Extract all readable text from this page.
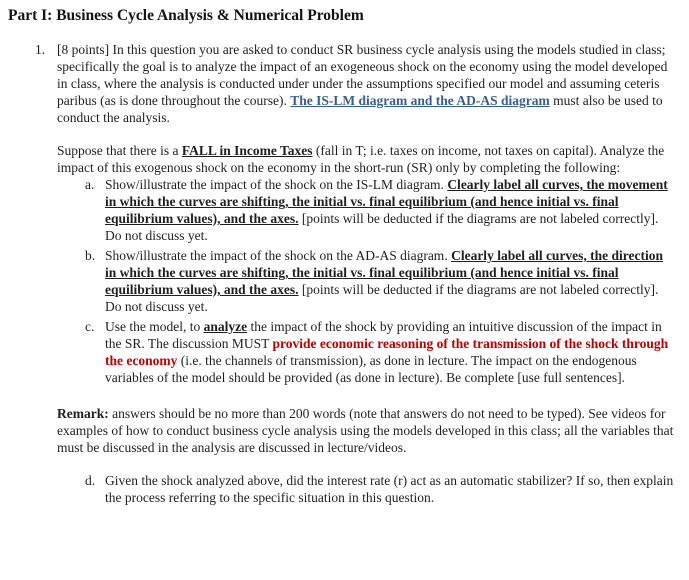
Part I: Business Cycle Analysis & Numerical Problem
1. [8 points] In this question you are asked to conduct SR business cycle analysis using the models studied in class; specifically the goal is to analyze the impact of an exogeneous shock on the economy using the model developed in class, where the analysis is conducted under under the assumptions specified our model and assuming ceteris paribus (as is done throughout the course). The IS-LM diagram and the AD-AS diagram must also be used to conduct the analysis.

Suppose that there is a FALL in Income Taxes (fall in T; i.e. taxes on income, not taxes on capital). Analyze the impact of this exogenous shock on the economy in the short-run (SR) only by completing the following:

a. Show/illustrate the impact of the shock on the IS-LM diagram. Clearly label all curves, the movement in which the curves are shifting, the initial vs. final equilibrium (and hence initial vs. final equilibrium values), and the axes. [points will be deducted if the diagrams are not labeled correctly]. Do not discuss yet.
b. Show/illustrate the impact of the shock on the AD-AS diagram. Clearly label all curves, the direction in which the curves are shifting, the initial vs. final equilibrium (and hence initial vs. final equilibrium values), and the axes. [points will be deducted if the diagrams are not labeled correctly]. Do not discuss yet.
c. Use the model, to analyze the impact of the shock by providing an intuitive discussion of the impact in the SR. The discussion MUST provide economic reasoning of the transmission of the shock through the economy (i.e. the channels of transmission), as done in lecture. The impact on the endogenous variables of the model should be provided (as done in lecture). Be complete [use full sentences].

Remark: answers should be no more than 200 words (note that answers do not need to be typed). See videos for examples of how to conduct business cycle analysis using the models developed in this class; all the variables that must be discussed in the analysis are discussed in lecture/videos.

d. Given the shock analyzed above, did the interest rate (r) act as an automatic stabilizer? If so, then explain the process referring to the specific situation in this question.
